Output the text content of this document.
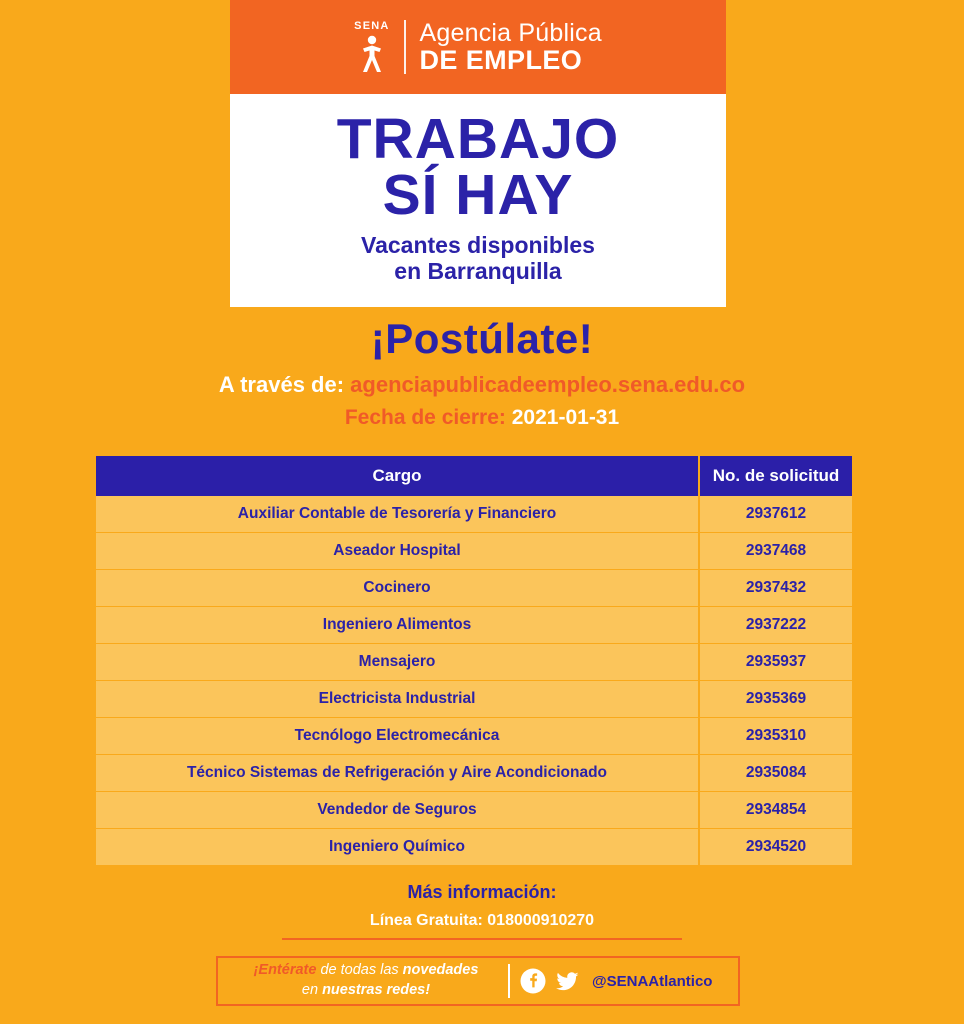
SENA Agencia Pública
DE EMPLEO
TRABAJO
SÍ HAY
Vacantes disponibles
en Barranquilla
¡Postúlate!
A través de: agenciapublicadeempleo.sena.edu.co
Fecha de cierre: 2021-01-31
Cargo	No. de solicitud
Auxiliar Contable de Tesorería y Financiero	2937612
Aseador Hospital	2937468
Cocinero	2937432
Ingeniero Alimentos	2937222
Mensajero	2935937
Electricista Industrial	2935369
Tecnólogo Electromecánica	2935310
Técnico Sistemas de Refrigeración y Aire Acondicionado	2935084
Vendedor de Seguros	2934854
Ingeniero Químico	2934520
Más información:
Línea Gratuita: 018000910270
¡Entérate de todas las novedades
en nuestras redes!
@SENAAtlantico
